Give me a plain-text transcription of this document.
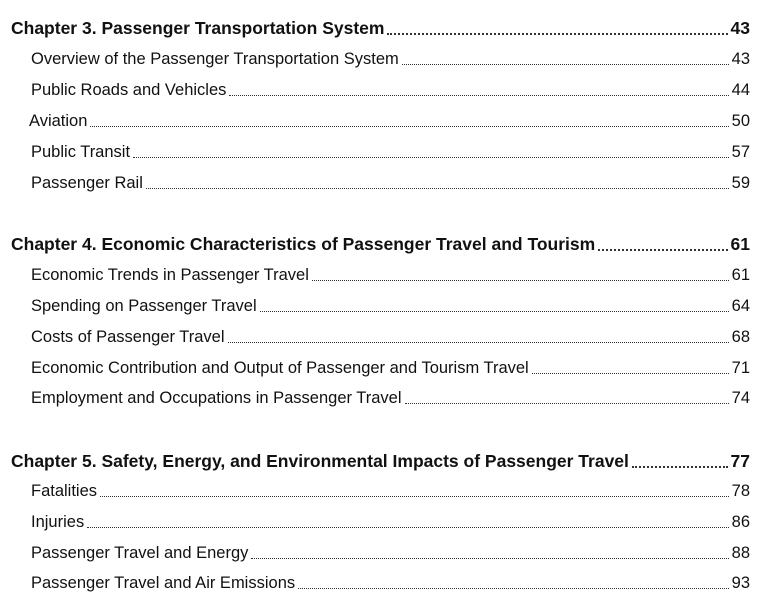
Chapter 3. Passenger Transportation System	43
Overview of the Passenger Transportation System	43
Public Roads and Vehicles	44
Aviation	50
Public Transit	57
Passenger Rail	59
Chapter 4. Economic Characteristics of Passenger Travel and Tourism	61
Economic Trends in Passenger Travel	61
Spending on Passenger Travel	64
Costs of Passenger Travel	68
Economic Contribution and Output of Passenger and Tourism Travel	71
Employment and Occupations in Passenger Travel	74
Chapter 5. Safety, Energy, and Environmental Impacts of Passenger Travel	77
Fatalities	78
Injuries	86
Passenger Travel and Energy	88
Passenger Travel and Air Emissions	93
